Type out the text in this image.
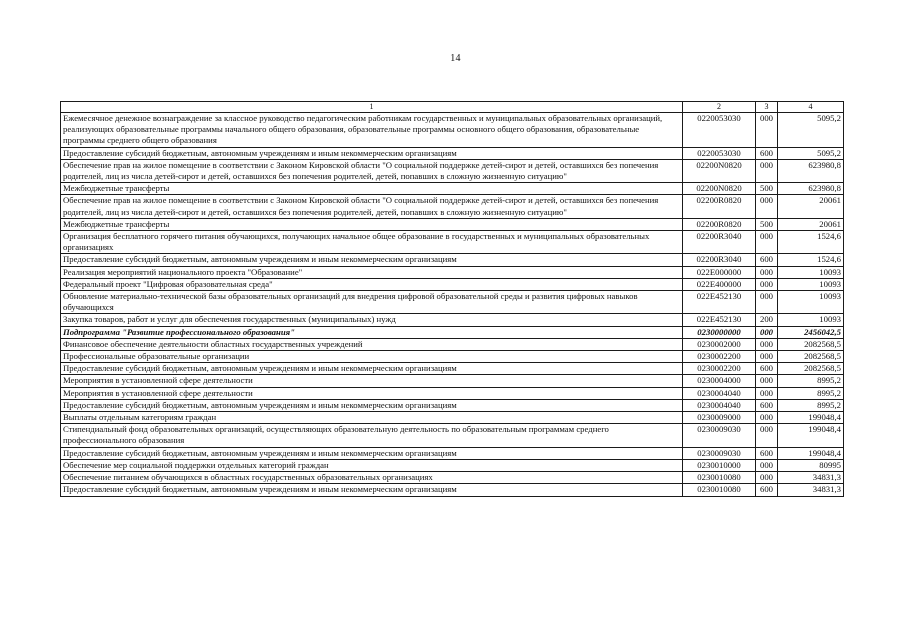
14
1	2	3	4
Ежемесячное денежное вознаграждение за классное руководство педагогическим работникам государственных и муниципальных образовательных организаций, реализующих образовательные программы начального общего образования, образовательные программы основного общего образования, образовательные программы среднего общего образования	0220053030	000	5095,2
Предоставление субсидий бюджетным, автономным учреждениям и иным некоммерческим организациям	0220053030	600	5095,2
Обеспечение прав на жилое помещение в соответствии с Законом Кировской области "О социальной поддержке детей-сирот и детей, оставшихся без попечения родителей, лиц из числа детей-сирот и детей, оставшихся без попечения родителей, детей, попавших в сложную жизненную ситуацию"	02200N0820	000	623980,8
Межбюджетные трансферты	02200N0820	500	623980,8
Обеспечение прав на жилое помещение в соответствии с Законом Кировской области "О социальной поддержке детей-сирот и детей, оставшихся без попечения родителей, лиц из числа детей-сирот и детей, оставшихся без попечения родителей, детей, попавших в сложную жизненную ситуацию"	02200R0820	000	20061
Межбюджетные трансферты	02200R0820	500	20061
Организация бесплатного горячего питания обучающихся, получающих начальное общее образование в государственных и муниципальных образовательных организациях	02200R3040	000	1524,6
Предоставление субсидий бюджетным, автономным учреждениям и иным некоммерческим организациям	02200R3040	600	1524,6
Реализация мероприятий национального проекта "Образование"	022E000000	000	10093
Федеральный проект "Цифровая образовательная среда"	022E400000	000	10093
Обновление материально-технической базы образовательных организаций для внедрения цифровой образовательной среды и развития цифровых навыков обучающихся	022E452130	000	10093
Закупка товаров, работ и услуг для обеспечения государственных (муниципальных) нужд	022E452130	200	10093
Подпрограмма "Развитие профессионального образования"	0230000000	000	2456042,5
Финансовое обеспечение деятельности областных государственных учреждений	0230002000	000	2082568,5
Профессиональные образовательные организации	0230002200	000	2082568,5
Предоставление субсидий бюджетным, автономным учреждениям и иным некоммерческим организациям	0230002200	600	2082568,5
Мероприятия в установленной сфере деятельности	0230004000	000	8995,2
Мероприятия в установленной сфере деятельности	0230004040	000	8995,2
Предоставление субсидий бюджетным, автономным учреждениям и иным некоммерческим организациям	0230004040	600	8995,2
Выплаты отдельным категориям граждан	0230009000	000	199048,4
Стипендиальный фонд образовательных организаций, осуществляющих образовательную деятельность по образовательным программам среднего профессионального образования	0230009030	000	199048,4
Предоставление субсидий бюджетным, автономным учреждениям и иным некоммерческим организациям	0230009030	600	199048,4
Обеспечение мер социальной поддержки отдельных категорий граждан	0230010000	000	80995
Обеспечение питанием обучающихся в областных государственных образовательных организациях	0230010080	000	34831,3
Предоставление субсидий бюджетным, автономным учреждениям и иным некоммерческим организациям	0230010080	600	34831,3
